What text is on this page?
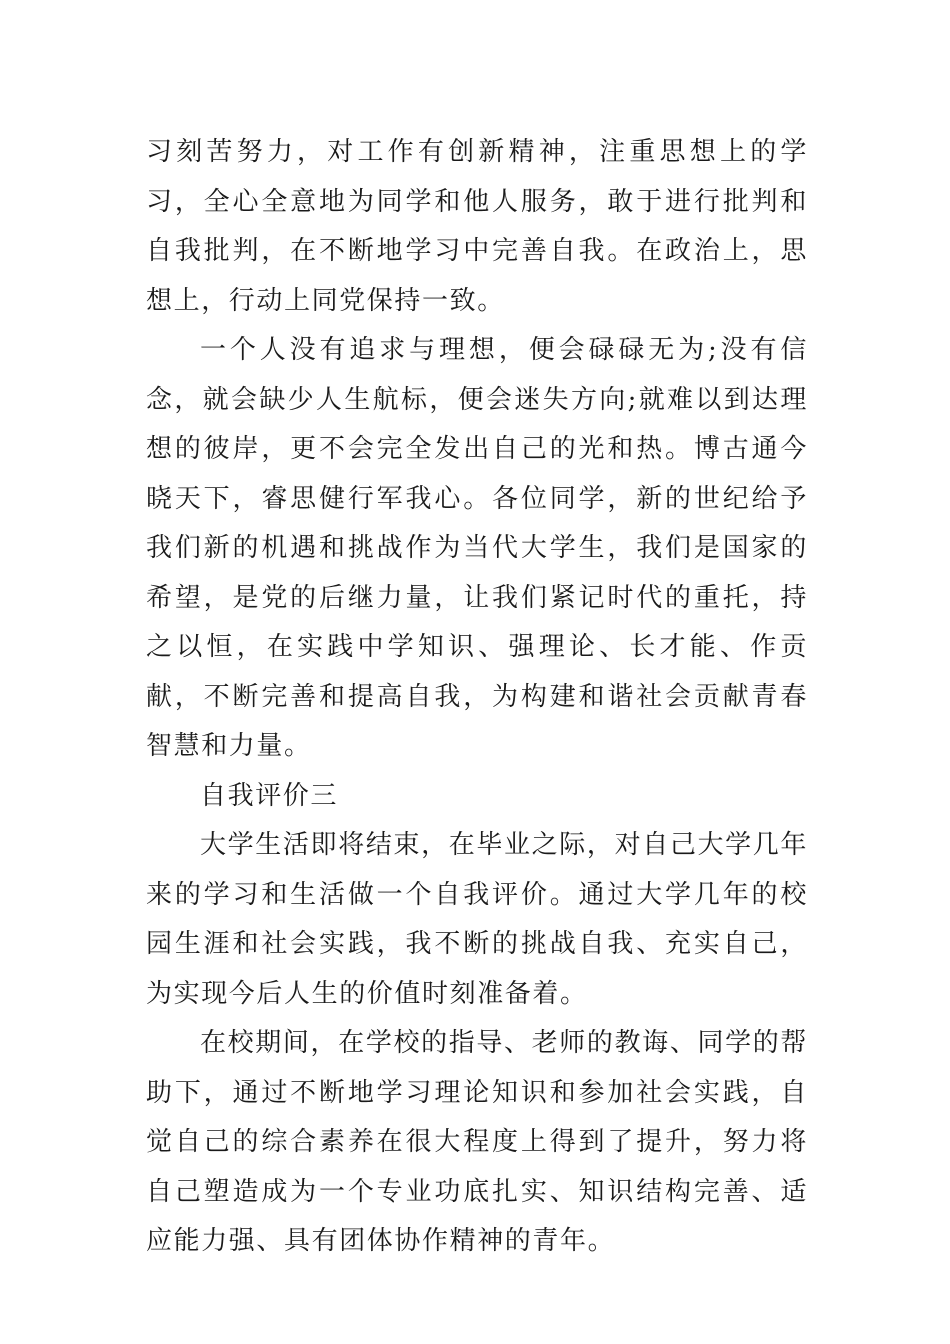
习刻苦努力，对工作有创新精神，注重思想上的学习，全心全意地为同学和他人服务，敢于进行批判和自我批判，在不断地学习中完善自我。在政治上，思想上，行动上同党保持一致。

一个人没有追求与理想，便会碌碌无为;没有信念，就会缺少人生航标，便会迷失方向;就难以到达理想的彼岸，更不会完全发出自己的光和热。博古通今晓天下，睿思健行军我心。各位同学，新的世纪给予我们新的机遇和挑战作为当代大学生，我们是国家的希望，是党的后继力量，让我们紧记时代的重托，持之以恒，在实践中学知识、强理论、长才能、作贡献，不断完善和提高自我，为构建和谐社会贡献青春智慧和力量。

自我评价三

大学生活即将结束，在毕业之际，对自己大学几年来的学习和生活做一个自我评价。通过大学几年的校园生涯和社会实践，我不断的挑战自我、充实自己，为实现今后人生的价值时刻准备着。

在校期间，在学校的指导、老师的教诲、同学的帮助下，通过不断地学习理论知识和参加社会实践，自觉自己的综合素养在很大程度上得到了提升，努力将自己塑造成为一个专业功底扎实、知识结构完善、适应能力强、具有团体协作精神的青年。
